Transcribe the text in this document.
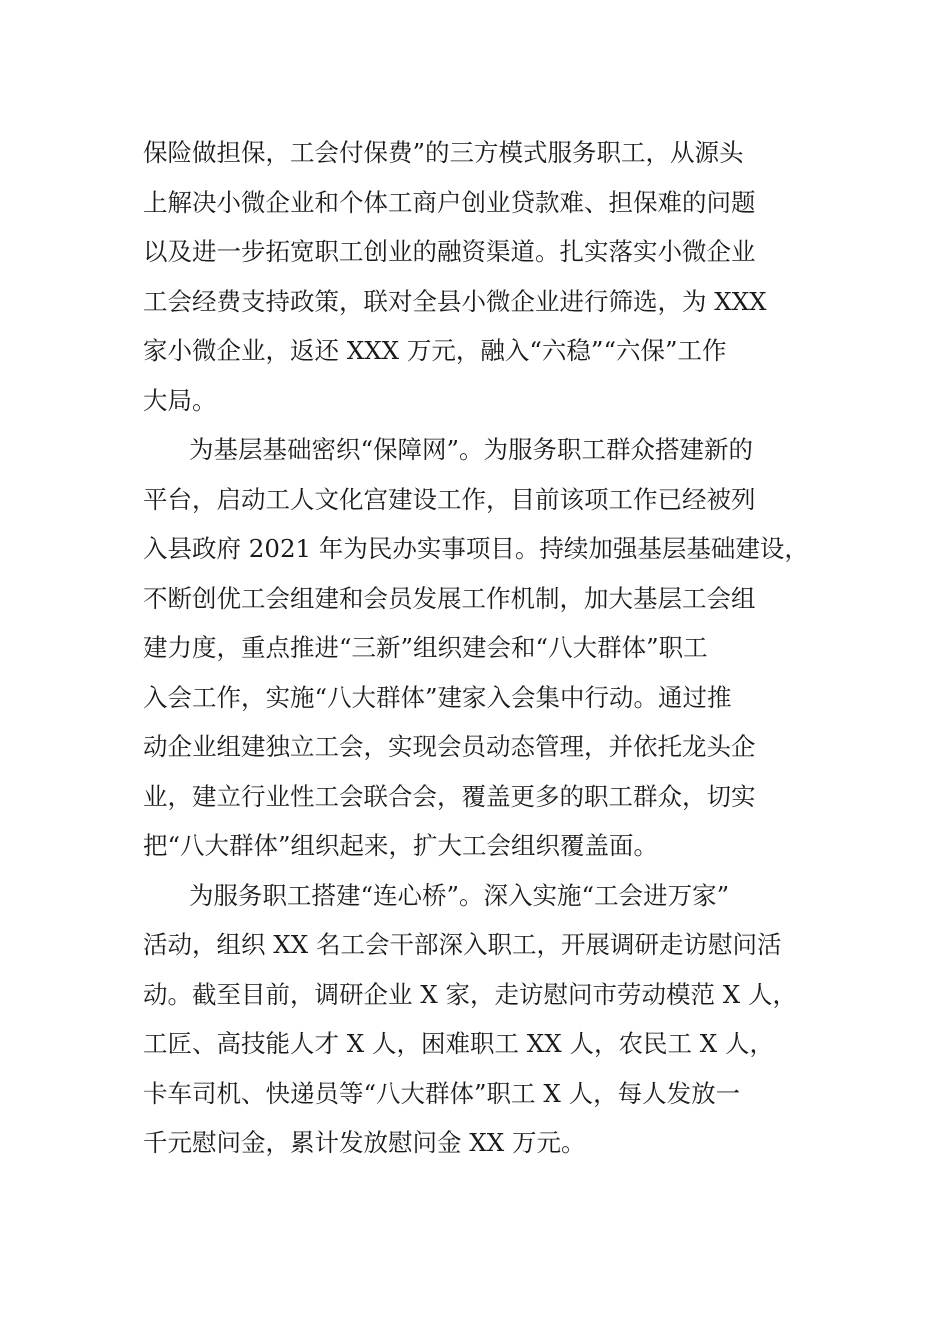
保险做担保，工会付保费”的三方模式服务职工，从源头
上解决小微企业和个体工商户创业贷款难、担保难的问题
以及进一步拓宽职工创业的融资渠道。扎实落实小微企业
工会经费支持政策，联对全县小微企业进行筛选，为 XXX
家小微企业，返还 XXX 万元，融入“六稳”“六保”工作
大局。
为基层基础密织“保障网”。为服务职工群众搭建新的
平台，启动工人文化宫建设工作，目前该项工作已经被列
入县政府 2021 年为民办实事项目。持续加强基层基础建设，
不断创优工会组建和会员发展工作机制，加大基层工会组
建力度，重点推进“三新”组织建会和“八大群体”职工
入会工作，实施“八大群体”建家入会集中行动。通过推
动企业组建独立工会，实现会员动态管理，并依托龙头企
业，建立行业性工会联合会，覆盖更多的职工群众，切实
把“八大群体”组织起来，扩大工会组织覆盖面。
为服务职工搭建“连心桥”。深入实施“工会进万家”
活动，组织 XX 名工会干部深入职工，开展调研走访慰问活
动。截至目前，调研企业 X 家，走访慰问市劳动模范 X 人，
工匠、高技能人才 X 人，困难职工 XX 人，农民工 X 人，
卡车司机、快递员等“八大群体”职工 X 人，每人发放一
千元慰问金，累计发放慰问金 XX 万元。
